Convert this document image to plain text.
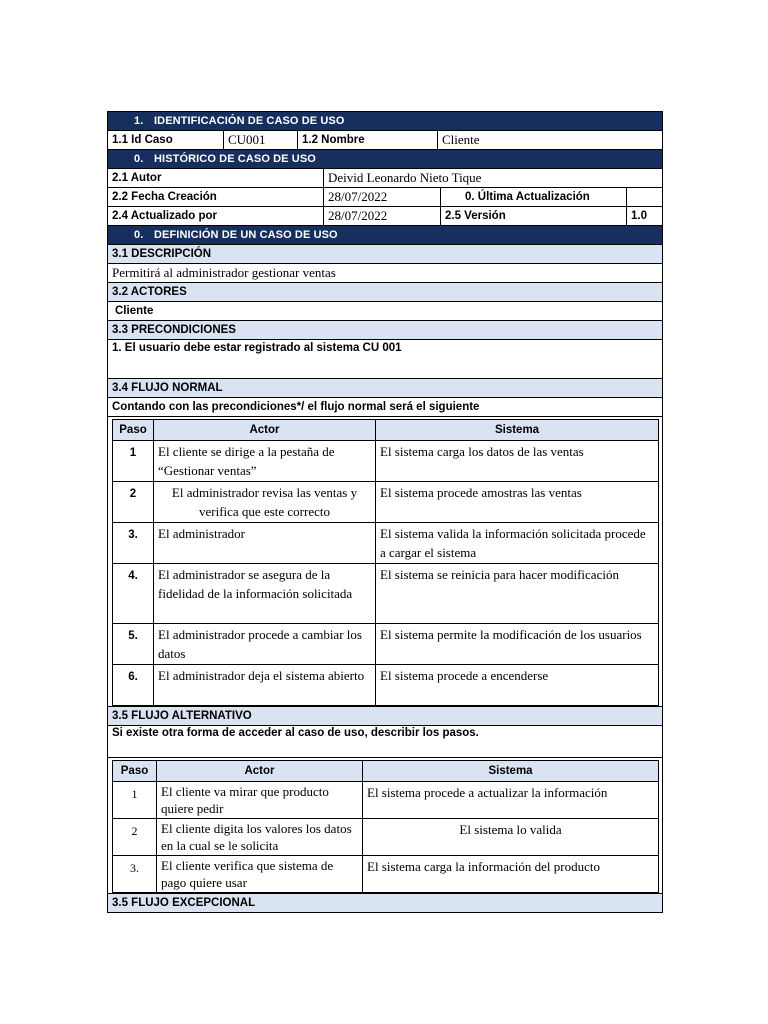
1. IDENTIFICACIÓN DE CASO DE USO
1.1 Id Caso	CU001	1.2 Nombre	Cliente
0. HISTÓRICO DE CASO DE USO
2.1 Autor	Deivid Leonardo Nieto Tique
2.2 Fecha Creación	28/07/2022	0. Última Actualización	
2.4 Actualizado por	28/07/2022	2.5 Versión	1.0
0. DEFINICIÓN DE UN CASO DE USO
3.1 DESCRIPCIÓN
Permitirá al administrador gestionar ventas
3.2 ACTORES
Cliente
3.3 PRECONDICIONES
1. El usuario debe estar registrado al sistema CU 001
3.4 FLUJO NORMAL
Contando con las precondiciones*/ el flujo normal será el siguiente

Paso	Actor	Sistema
1	El cliente se dirige a la pestaña de “Gestionar ventas”	El sistema carga los datos de las ventas
2	El administrador revisa las ventas y verifica que este correcto	El sistema procede amostras las ventas
3.	El administrador	El sistema valida la información solicitada procede a cargar el sistema
4.	El administrador se asegura de la fidelidad de la información solicitada	El sistema se reinicia para hacer modificación
5.	El administrador procede a cambiar los datos	El sistema permite la modificación de los usuarios
6.	El administrador deja el sistema abierto	El sistema procede a encenderse

3.5 FLUJO ALTERNATIVO
Si existe otra forma de acceder al caso de uso, describir los pasos.

Paso	Actor	Sistema
1	El cliente va mirar que producto quiere pedir	El sistema procede a actualizar la información
2	El cliente digita los valores los datos en la cual se le solicita	El sistema lo valida
3.	El cliente verifica que sistema de pago quiere usar	El sistema carga la información del producto

3.5 FLUJO EXCEPCIONAL
